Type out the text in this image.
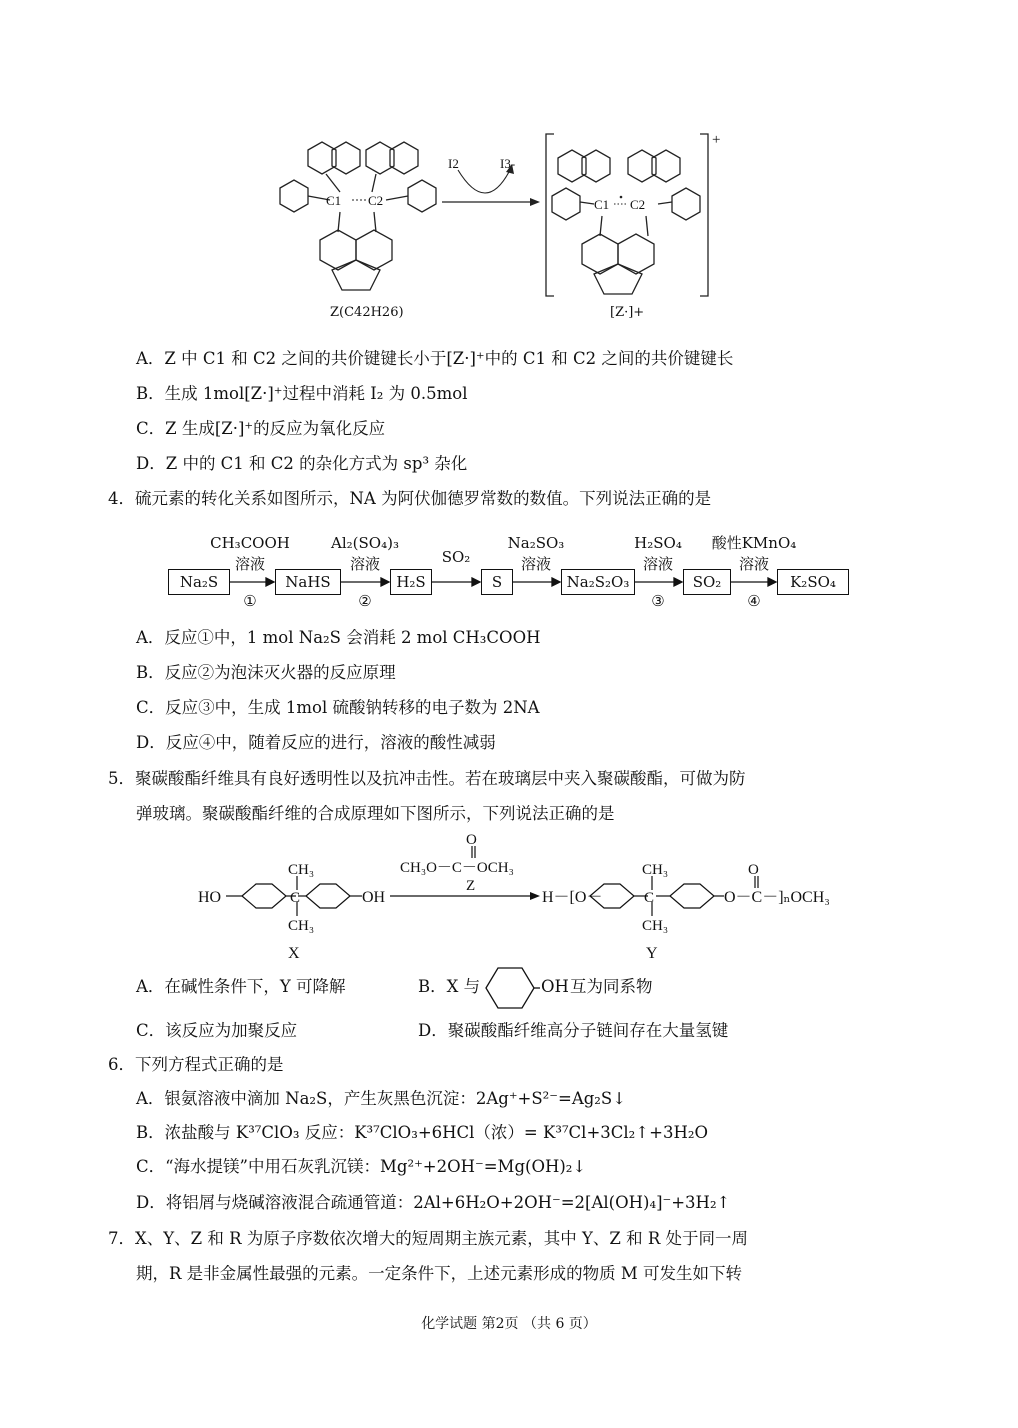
C1 C2	C1 C2
I2	I3-
+
Z(C42H26)	[Z·]+
A．Z 中 C1 和 C2 之间的共价键键长小于[Z·]⁺中的 C1 和 C2 之间的共价键键长
B．生成 1mol[Z·]⁺过程中消耗 I₂ 为 0.5mol
C．Z 生成[Z·]⁺的反应为氧化反应
D．Z 中的 C1 和 C2 的杂化方式为 sp³ 杂化
4．硫元素的转化关系如图所示，NA 为阿伏伽德罗常数的数值。下列说法正确的是
Na₂S	NaHS	H₂S	S	Na₂S₂O₃	SO₂	K₂SO₄
CH₃COOH
溶液
①
Al₂(SO₄)₃
溶液
②
SO₂
Na₂SO₃
溶液
H₂SO₄
溶液
③
酸性KMnO₄
溶液
④
A．反应①中，1 mol Na₂S 会消耗 2 mol CH₃COOH
B．反应②为泡沫灭火器的反应原理
C．反应③中，生成 1mol 硫酸钠转移的电子数为 2NA
D．反应④中，随着反应的进行，溶液的酸性减弱
5．聚碳酸酯纤维具有良好透明性以及抗冲击性。若在玻璃层中夹入聚碳酸酯，可做为防
弹玻璃。聚碳酸酯纤维的合成原理如下图所示，下列说法正确的是
HO	C
CH₃
CH₃
OH
X
O
CH₃O－C－OCH₃
Z
H－[O－	C
CH₃
CH₃
O－C－]ₙOCH₃
O
Y
A．在碱性条件下，Y 可降解	B．X 与	OH 互为同系物
C．该反应为加聚反应	D．聚碳酸酯纤维高分子链间存在大量氢键
6．下列方程式正确的是
A．银氨溶液中滴加 Na₂S，产生灰黑色沉淀：2Ag⁺+S²⁻=Ag₂S↓
B．浓盐酸与 K³⁷ClO₃ 反应：K³⁷ClO₃+6HCl（浓）= K³⁷Cl+3Cl₂↑+3H₂O
C．“海水提镁”中用石灰乳沉镁：Mg²⁺+2OH⁻=Mg(OH)₂↓
D．将铝屑与烧碱溶液混合疏通管道：2Al+6H₂O+2OH⁻=2[Al(OH)₄]⁻+3H₂↑
7．X、Y、Z 和 R 为原子序数依次增大的短周期主族元素，其中 Y、Z 和 R 处于同一周
期，R 是非金属性最强的元素。一定条件下，上述元素形成的物质 M 可发生如下转
化学试题 第2页 （共 6 页）
